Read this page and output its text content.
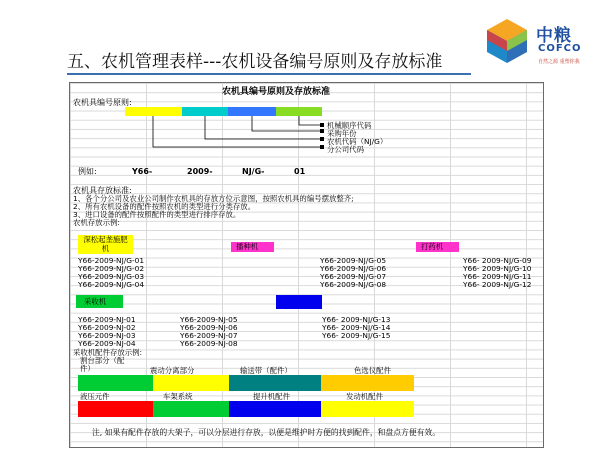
五、农机管理表样---农机设备编号原则及存放标准
中粮
COFCO
自然之源 重塑你我
农机具编号原则及存放标准
农机具编号原则:
机械顺序代码
采购年份
农机代码（NJ/G）
分公司代码
例如:	Y66-	2009-	NJ/G-	01
农机具存放标准:
1、各个分公司及农业公司制作农机具的存放方位示意图，按照农机具的编号摆放整齐;
2、所有农机设备的配件按照农机的类型进行分类存放。
3、进口设备的配件按照配件的类型进行排序存放。
农机存放示例:
深松起垄施肥机
Y66-2009-NJ/G-01
Y66-2009-NJ/G-02
Y66-2009-NJ/G-03
Y66-2009-NJ/G-04
播种机
Y66-2009-NJ/G-05
Y66-2009-NJ/G-06
Y66-2009-NJ/G-07
Y66-2009-NJ/G-08
打药机
Y66- 2009-NJ/G-09
Y66- 2009-NJ/G-10
Y66- 2009-NJ/G-11
Y66- 2009-NJ/G-12
采收机
Y66-2009-NJ-01
Y66-2009-NJ-02
Y66-2009-NJ-03
Y66-2009-NJ-04
Y66-2009-NJ-05
Y66-2009-NJ-06
Y66-2009-NJ-07
Y66-2009-NJ-08
Y66- 2009-NJ/G-13
Y66- 2009-NJ/G-14
Y66- 2009-NJ/G-15
采收机配件存放示例:
割台部分（配件）	震动分离部分	输送带（配件）	色选仪配件
液压元件	车架系统	提升机配件	发动机配件
注, 如果有配件存放的大架子，可以分层进行存放，以便是维护时方便的找到配件，和盘点方便有效。
